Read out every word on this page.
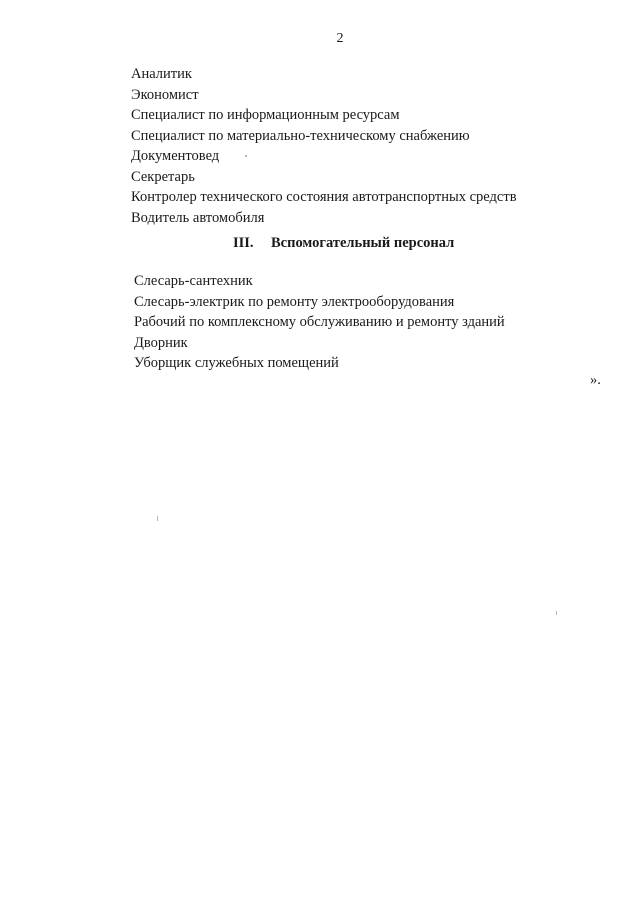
2
Аналитик
Экономист
Специалист по информационным ресурсам
Специалист по материально-техническому снабжению
Документовед
Секретарь
Контролер технического состояния автотранспортных средств
Водитель автомобиля
III. Вспомогательный персонал
Слесарь-сантехник
Слесарь-электрик по ремонту электрооборудования
Рабочий по комплексному обслуживанию и ремонту зданий
Дворник
Уборщик служебных помещений
».
